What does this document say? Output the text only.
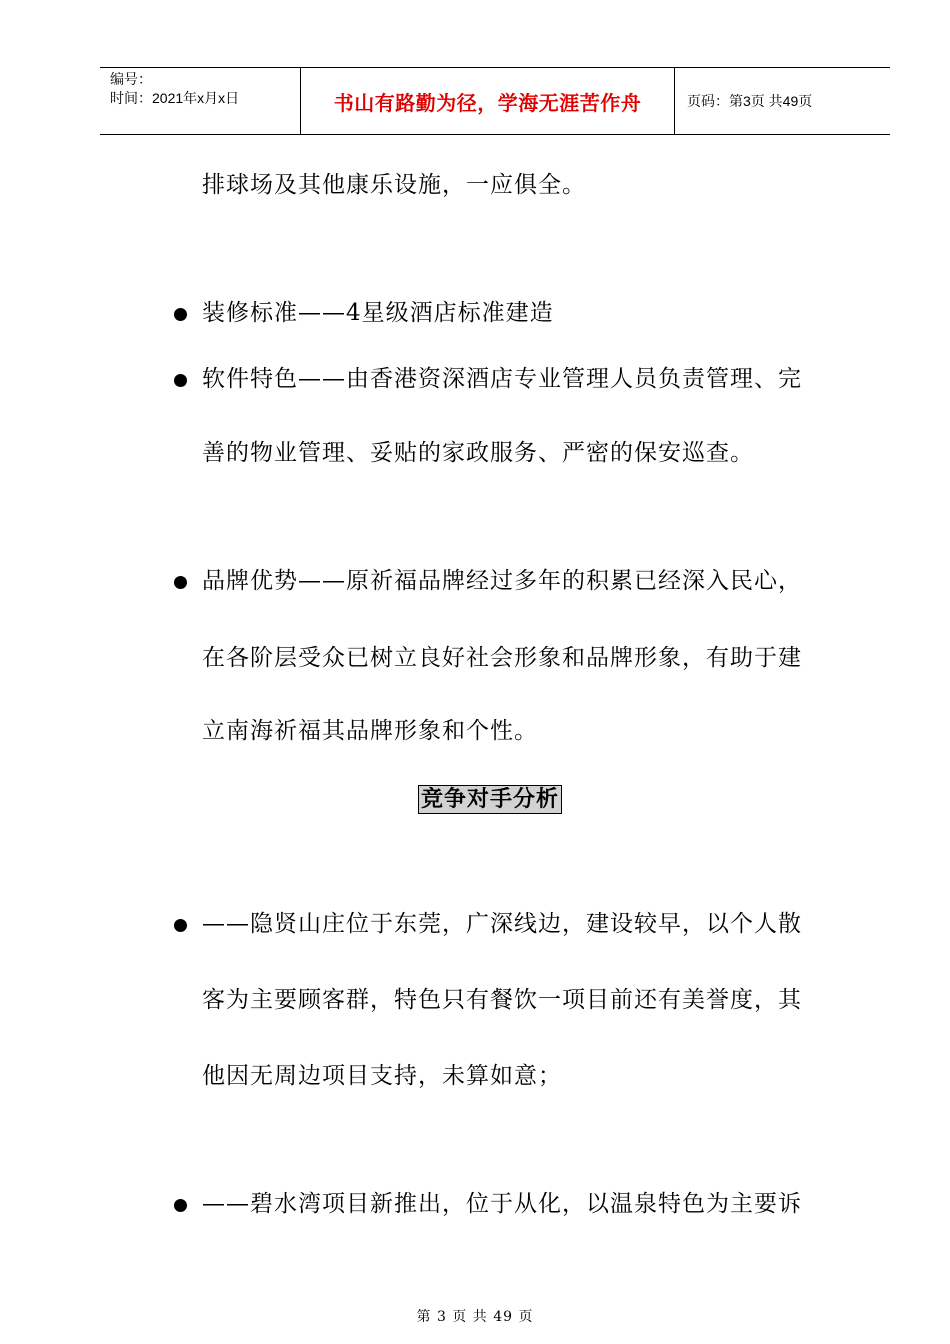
编号：
时间：2021年x月x日	书山有路勤为径，学海无涯苦作舟	页码：第3页 共49页
排球场及其他康乐设施，一应俱全。
装修标准——4星级酒店标准建造
软件特色——由香港资深酒店专业管理人员负责管理、完
善的物业管理、妥贴的家政服务、严密的保安巡查。
品牌优势——原祈福品牌经过多年的积累已经深入民心，
在各阶层受众已树立良好社会形象和品牌形象，有助于建
立南海祈福其品牌形象和个性。
竞争对手分析
——隐贤山庄位于东莞，广深线边，建设较早，以个人散
客为主要顾客群，特色只有餐饮一项目前还有美誉度，其
他因无周边项目支持，未算如意；
——碧水湾项目新推出，位于从化，以温泉特色为主要诉
第 3 页 共 49 页
